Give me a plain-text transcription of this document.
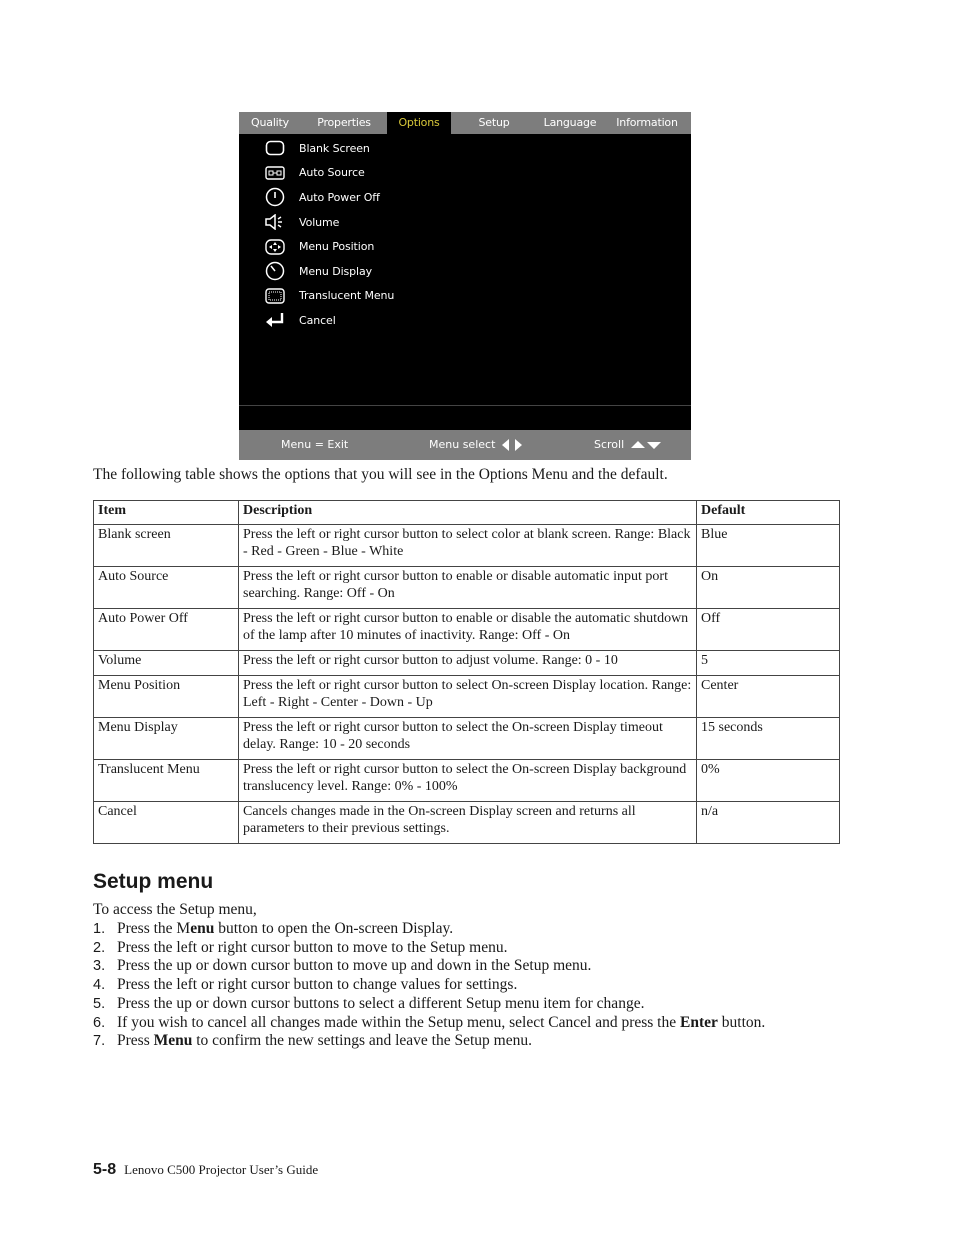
Quality	Properties	Options	Setup	Language	Information
Blank Screen
Auto Source
Auto Power Off
Volume
Menu Position
Menu Display
Translucent Menu
Cancel
Menu = Exit	Menu select	Scroll
The following table shows the options that you will see in the Options Menu and the default.
Item	Description	Default
Blank screen	Press the left or right cursor button to select color at blank screen. Range: Black - Red - Green - Blue - White	Blue
Auto Source	Press the left or right cursor button to enable or disable automatic input port searching. Range: Off - On	On
Auto Power Off	Press the left or right cursor button to enable or disable the automatic shutdown of the lamp after 10 minutes of inactivity. Range: Off - On	Off
Volume	Press the left or right cursor button to adjust volume. Range: 0 - 10	5
Menu Position	Press the left or right cursor button to select On-screen Display location. Range: Left - Right - Center - Down - Up	Center
Menu Display	Press the left or right cursor button to select the On-screen Display timeout delay. Range: 10 - 20 seconds	15 seconds
Translucent Menu	Press the left or right cursor button to select the On-screen Display background translucency level. Range: 0% - 100%	0%
Cancel	Cancels changes made in the On-screen Display screen and returns all parameters to their previous settings.	n/a
Setup menu
To access the Setup menu,
1. Press the Menu button to open the On-screen Display.
2. Press the left or right cursor button to move to the Setup menu.
3. Press the up or down cursor button to move up and down in the Setup menu.
4. Press the left or right cursor button to change values for settings.
5. Press the up or down cursor buttons to select a different Setup menu item for change.
6. If you wish to cancel all changes made within the Setup menu, select Cancel and press the Enter button.
7. Press Menu to confirm the new settings and leave the Setup menu.
5-8 Lenovo C500 Projector User’s Guide
